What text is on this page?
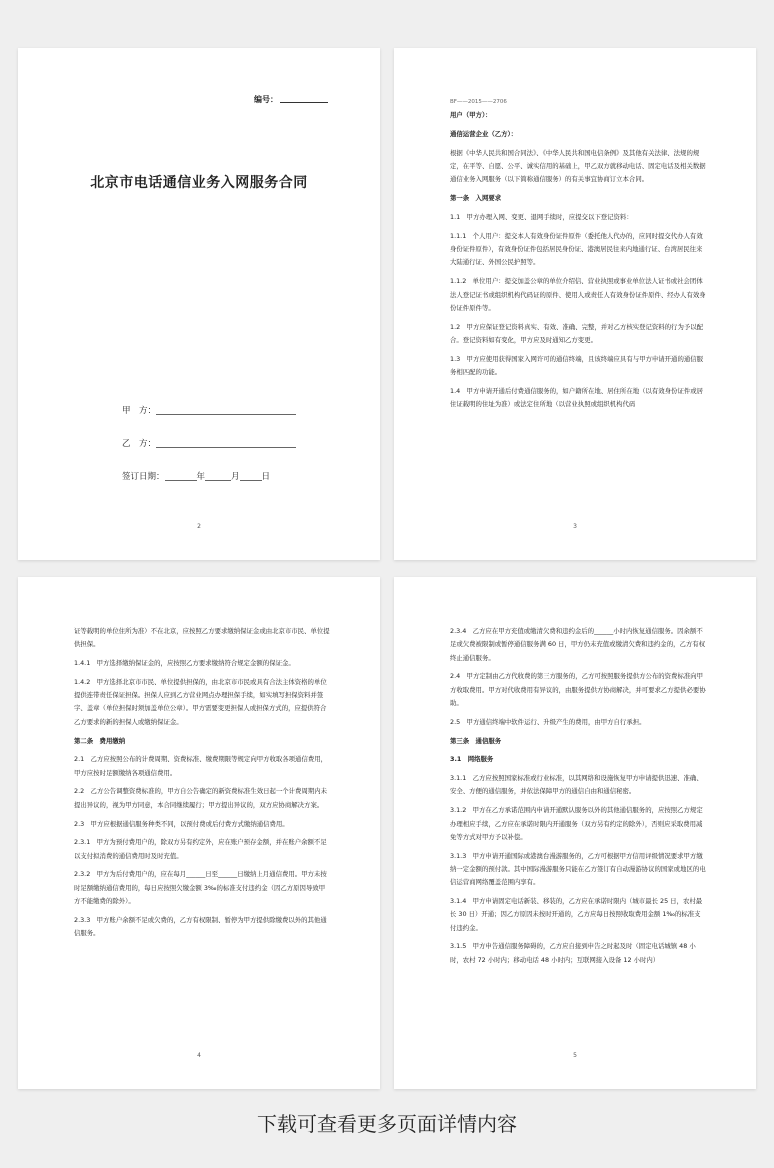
编号：
北京市电话通信业务入网服务合同
甲　方：
乙　方：
签订日期：	年	月	日
2

BF——2015——2706

用户（甲方）：

通信运营企业（乙方）：

根据《中华人民共和国合同法》、《中华人民共和国电信条例》及其他有关法律、法规的规定，在平等、自愿、公平、诚实信用的基础上，甲乙双方就移动电话、固定电话及相关数据通信业务入网服务（以下简称通信服务）的有关事宜协商订立本合同。

第一条　入网要求

1.1　甲方办理入网、变更、退网手续时，应提交以下登记资料：

1.1.1　个人用户：提交本人有效身份证件原件（委托他人代办的，应同时提交代办人有效身份证件原件），有效身份证件包括居民身份证、港澳居民往来内地通行证、台湾居民往来大陆通行证、外国公民护照等。

1.1.2　单位用户：提交加盖公章的单位介绍信、营业执照或事业单位法人证书或社会团体法人登记证书或组织机构代码证的原件、使用人或责任人有效身份证件原件、经办人有效身份证件原件等。

1.2　甲方应保证登记资料真实、有效、准确、完整，并对乙方核实登记资料的行为予以配合。登记资料如有变化，甲方应及时通知乙方变更。

1.3　甲方应使用获得国家入网许可的通信终端，且该终端应具有与甲方申请开通的通信服务相匹配的功能。

1.4　甲方申请开通后付费通信服务的，如户籍所在地、居住所在地（以有效身份证件或居住证载明的住址为准）或法定住所地（以营业执照或组织机构代码

3

证等载明的单位住所为准）不在北京，应按照乙方要求缴纳保证金或由北京市市民、单位提供担保。

1.4.1　甲方选择缴纳保证金的，应按照乙方要求缴纳符合规定金额的保证金。

1.4.2　甲方选择北京市市民、单位提供担保的，由北京市市民或具有合法主体资格的单位提供连带责任保证担保。担保人应到乙方营业网点办理担保手续，如实填写担保资料并签字、盖章（单位担保时须加盖单位公章）。甲方需要变更担保人或担保方式的，应提供符合乙方要求的新的担保人或缴纳保证金。

第二条　费用缴纳

2.1　乙方应按照公布的计费周期、资费标准、缴费期限等规定向甲方收取各项通信费用，甲方应按时足额缴纳各项通信费用。

2.2　乙方公告调整资费标准的，甲方自公告确定的新资费标准生效日起一个计费周期内未提出异议的，视为甲方同意，本合同继续履行；甲方提出异议的，双方应协商解决方案。

2.3　甲方应根据通信服务种类不同，以预付费或后付费方式缴纳通信费用。

2.3.1　甲方为预付费用户的，除双方另有约定外，应在账户预存金额，并在账户余额不足以支付拟消费的通信费用时及时充值。

2.3.2　甲方为后付费用户的，应在每月______日至______日缴纳上月通信费用。甲方未按时足额缴纳通信费用的，每日应按照欠缴金额 3‰的标准支付违约金（因乙方原因导致甲方不能缴费的除外）。

2.3.3　甲方账户余额不足或欠费的，乙方有权限制、暂停为甲方提供除缴费以外的其他通信服务。

4

2.3.4　乙方应在甲方充值或缴清欠费和违约金后的______小时内恢复通信服务。因余额不足或欠费被限制或暂停通信服务满 60 日，甲方仍未充值或缴清欠费和违约金的，乙方有权终止通信服务。

2.4　甲方定制由乙方代收费的第三方服务的，乙方可按照服务提供方公布的资费标准向甲方收取费用。甲方对代收费用有异议的，由服务提供方协商解决，并可要求乙方提供必要协助。

2.5　甲方通信终端中软件运行、升级产生的费用，由甲方自行承担。

第三条　通信服务

3.1　网络服务

3.1.1　乙方应按照国家标准或行业标准，以其网络和设施恢复甲方申请提供迅速、准确、安全、方便的通信服务，并依法保障甲方的通信自由和通信秘密。

3.1.2　甲方在乙方承诺范围内申请开通默认服务以外的其他通信服务的，应按照乙方规定办理相应手续，乙方应在承诺时限内开通服务（双方另有约定的除外），否则应采取费用减免等方式对甲方予以补偿。

3.1.3　甲方申请开通国际或港澳台漫游服务的，乙方可根据甲方信用评级情况要求甲方缴纳一定金额的预付款。其中国际漫游服务只能在乙方签订有自动漫游协议的国家或地区的电信运营商网络覆盖范围内享有。

3.1.4　甲方申请固定电话新装、移装的，乙方应在承诺时限内（城市最长 25 日，农村最长 30 日）开通；因乙方原因未按时开通的，乙方应每日按照收取费用金额 1‰的标准支付违约金。

3.1.5　甲方申告通信服务障碍的，乙方应自接到申告之时起及时（固定电话城镇 48 小时，农村 72 小时内；移动电话 48 小时内；互联网接入设备 12 小时内）

5
下载可查看更多页面详情内容
